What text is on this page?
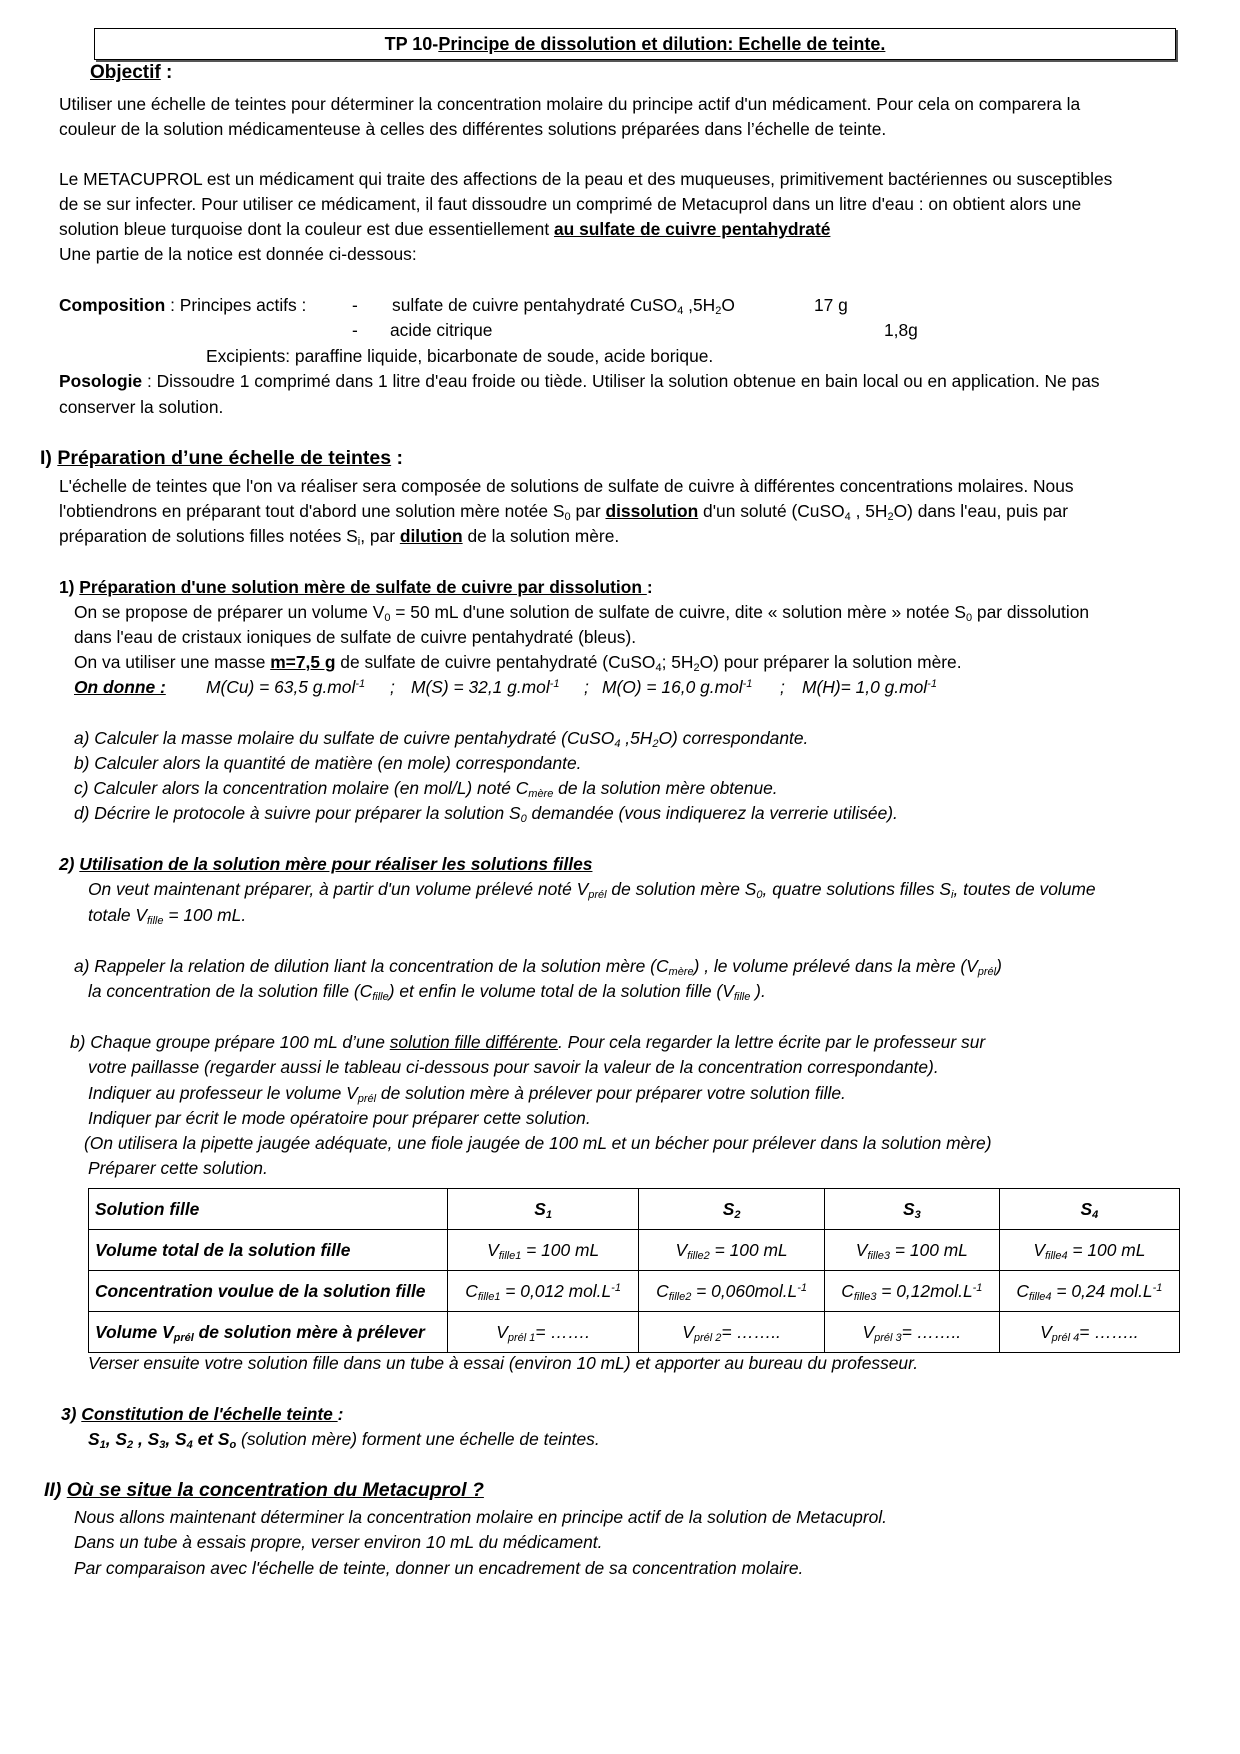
TP 10-Principe de dissolution et dilution: Echelle de teinte.
Objectif :
Utiliser une échelle de teintes pour déterminer la concentration molaire du principe actif d'un médicament. Pour cela on comparera la
couleur de la solution médicamenteuse à celles des différentes solutions préparées dans l’échelle de teinte.
Le METACUPROL est un médicament qui traite des affections de la peau et des muqueuses, primitivement bactériennes ou susceptibles
de se sur infecter. Pour utiliser ce médicament, il faut dissoudre un comprimé de Metacuprol dans un litre d'eau : on obtient alors une
solution bleue turquoise dont la couleur est due essentiellement au sulfate de cuivre pentahydraté
Une partie de la notice est donnée ci-dessous:
Composition : Principes actifs :	- sulfate de cuivre pentahydraté CuSO$_4$ $,5H_2O$	17 g
- acide citrique	1,8g
Excipients: paraffine liquide, bicarbonate de soude, acide borique.
Posologie : Dissoudre 1 comprimé dans 1 litre d'eau froide ou tiède. Utiliser la solution obtenue en bain local ou en application. Ne pas
conserver la solution.
I) Préparation d’une échelle de teintes :
L'échelle de teintes que l'on va réaliser sera composée de solutions de sulfate de cuivre à différentes concentrations molaires. Nous
l'obtiendrons en préparant tout d'abord une solution mère notée $S_0$ par dissolution d'un soluté (CuSO$_4$ , $5H_2O$) dans l'eau, puis par
préparation de solutions filles notées $S_i$, par dilution de la solution mère.
1) Préparation d'une solution mère de sulfate de cuivre par dissolution :
On se propose de préparer un volume $V_0 = 50$ mL d'une solution de sulfate de cuivre, dite « solution mère » notée $S_0$ par dissolution
dans l'eau de cristaux ioniques de sulfate de cuivre pentahydraté (bleus).
On va utiliser une masse m=7,5 g de sulfate de cuivre pentahydraté (CuSO$_4$; $5H_2O$) pour préparer la solution mère.
On donne : M(Cu) = 63,5 g.mol$^{-1}$ ; M(S) = 32,1 g.mol$^{-1}$ ; M(O) = 16,0 g.mol$^{-1}$ ; M(H)= 1,0 g.mol$^{-1}$
a) Calculer la masse molaire du sulfate de cuivre pentahydraté (CuSO$_4$ $,5H_2O$) correspondante.
b) Calculer alors la quantité de matière (en mole) correspondante.
c) Calculer alors la concentration molaire (en mol/L) noté $C_{mère}$ de la solution mère obtenue.
d) Décrire le protocole à suivre pour préparer la solution $S_0$ demandée (vous indiquerez la verrerie utilisée).
2) Utilisation de la solution mère pour réaliser les solutions filles
On veut maintenant préparer, à partir d'un volume prélevé noté $V_{prél}$ de solution mère $S_0$, quatre solutions filles $S_i$, toutes de volume
totale $V_{fille} = 100$ mL.
a) Rappeler la relation de dilution liant la concentration de la solution mère $(C_{mère})$ , le volume prélevé dans la mère $(V_{prél})$
la concentration de la solution fille $(C_{fille})$ et enfin le volume total de la solution fille ($V_{fille}$ ).
b) Chaque groupe prépare 100 mL d’une solution fille différente. Pour cela regarder la lettre écrite par le professeur sur
votre paillasse (regarder aussi le tableau ci-dessous pour savoir la valeur de la concentration correspondante).
Indiquer au professeur le volume $V_{prél}$ de solution mère à prélever pour préparer votre solution fille.
Indiquer par écrit le mode opératoire pour préparer cette solution.
(On utilisera la pipette jaugée adéquate, une fiole jaugée de 100 mL et un bécher pour prélever dans la solution mère)
Préparer cette solution.
Solution fille	$S_1$	$S_2$	$S_3$	$S_4$
Volume total de la solution fille	$V_{fille1} = 100$ mL	$V_{fille2} = 100$ mL	$V_{fille3} = 100$ mL	$V_{fille4} = 100$ mL
Concentration voulue de la solution fille	$C_{fille1} = 0,012$ $mol.L^{-1}$	$C_{fille2} = 0,060mol.L^{-1}$	$C_{fille3} = 0,12mol.L^{-1}$	$C_{fille4} = 0,24$ $mol.L^{-1}$
Volume $V_{prél}$ de solution mère à prélever	$V_{prél 1}=$ …….	$V_{prél 2}=$ ……..	$V_{prél 3}=$ ……..	$V_{prél 4}=$ ……..
Verser ensuite votre solution fille dans un tube à essai (environ 10 mL) et apporter au bureau du professeur.
3) Constitution de l'échelle teinte :
$S_1$, $S_2$ , $S_3$, $S_4$ et $S_o$ (solution mère) forment une échelle de teintes.
II) Où se situe la concentration du Metacuprol ?
Nous allons maintenant déterminer la concentration molaire en principe actif de la solution de Metacuprol.
Dans un tube à essais propre, verser environ 10 mL du médicament.
Par comparaison avec l'échelle de teinte, donner un encadrement de sa concentration molaire.
